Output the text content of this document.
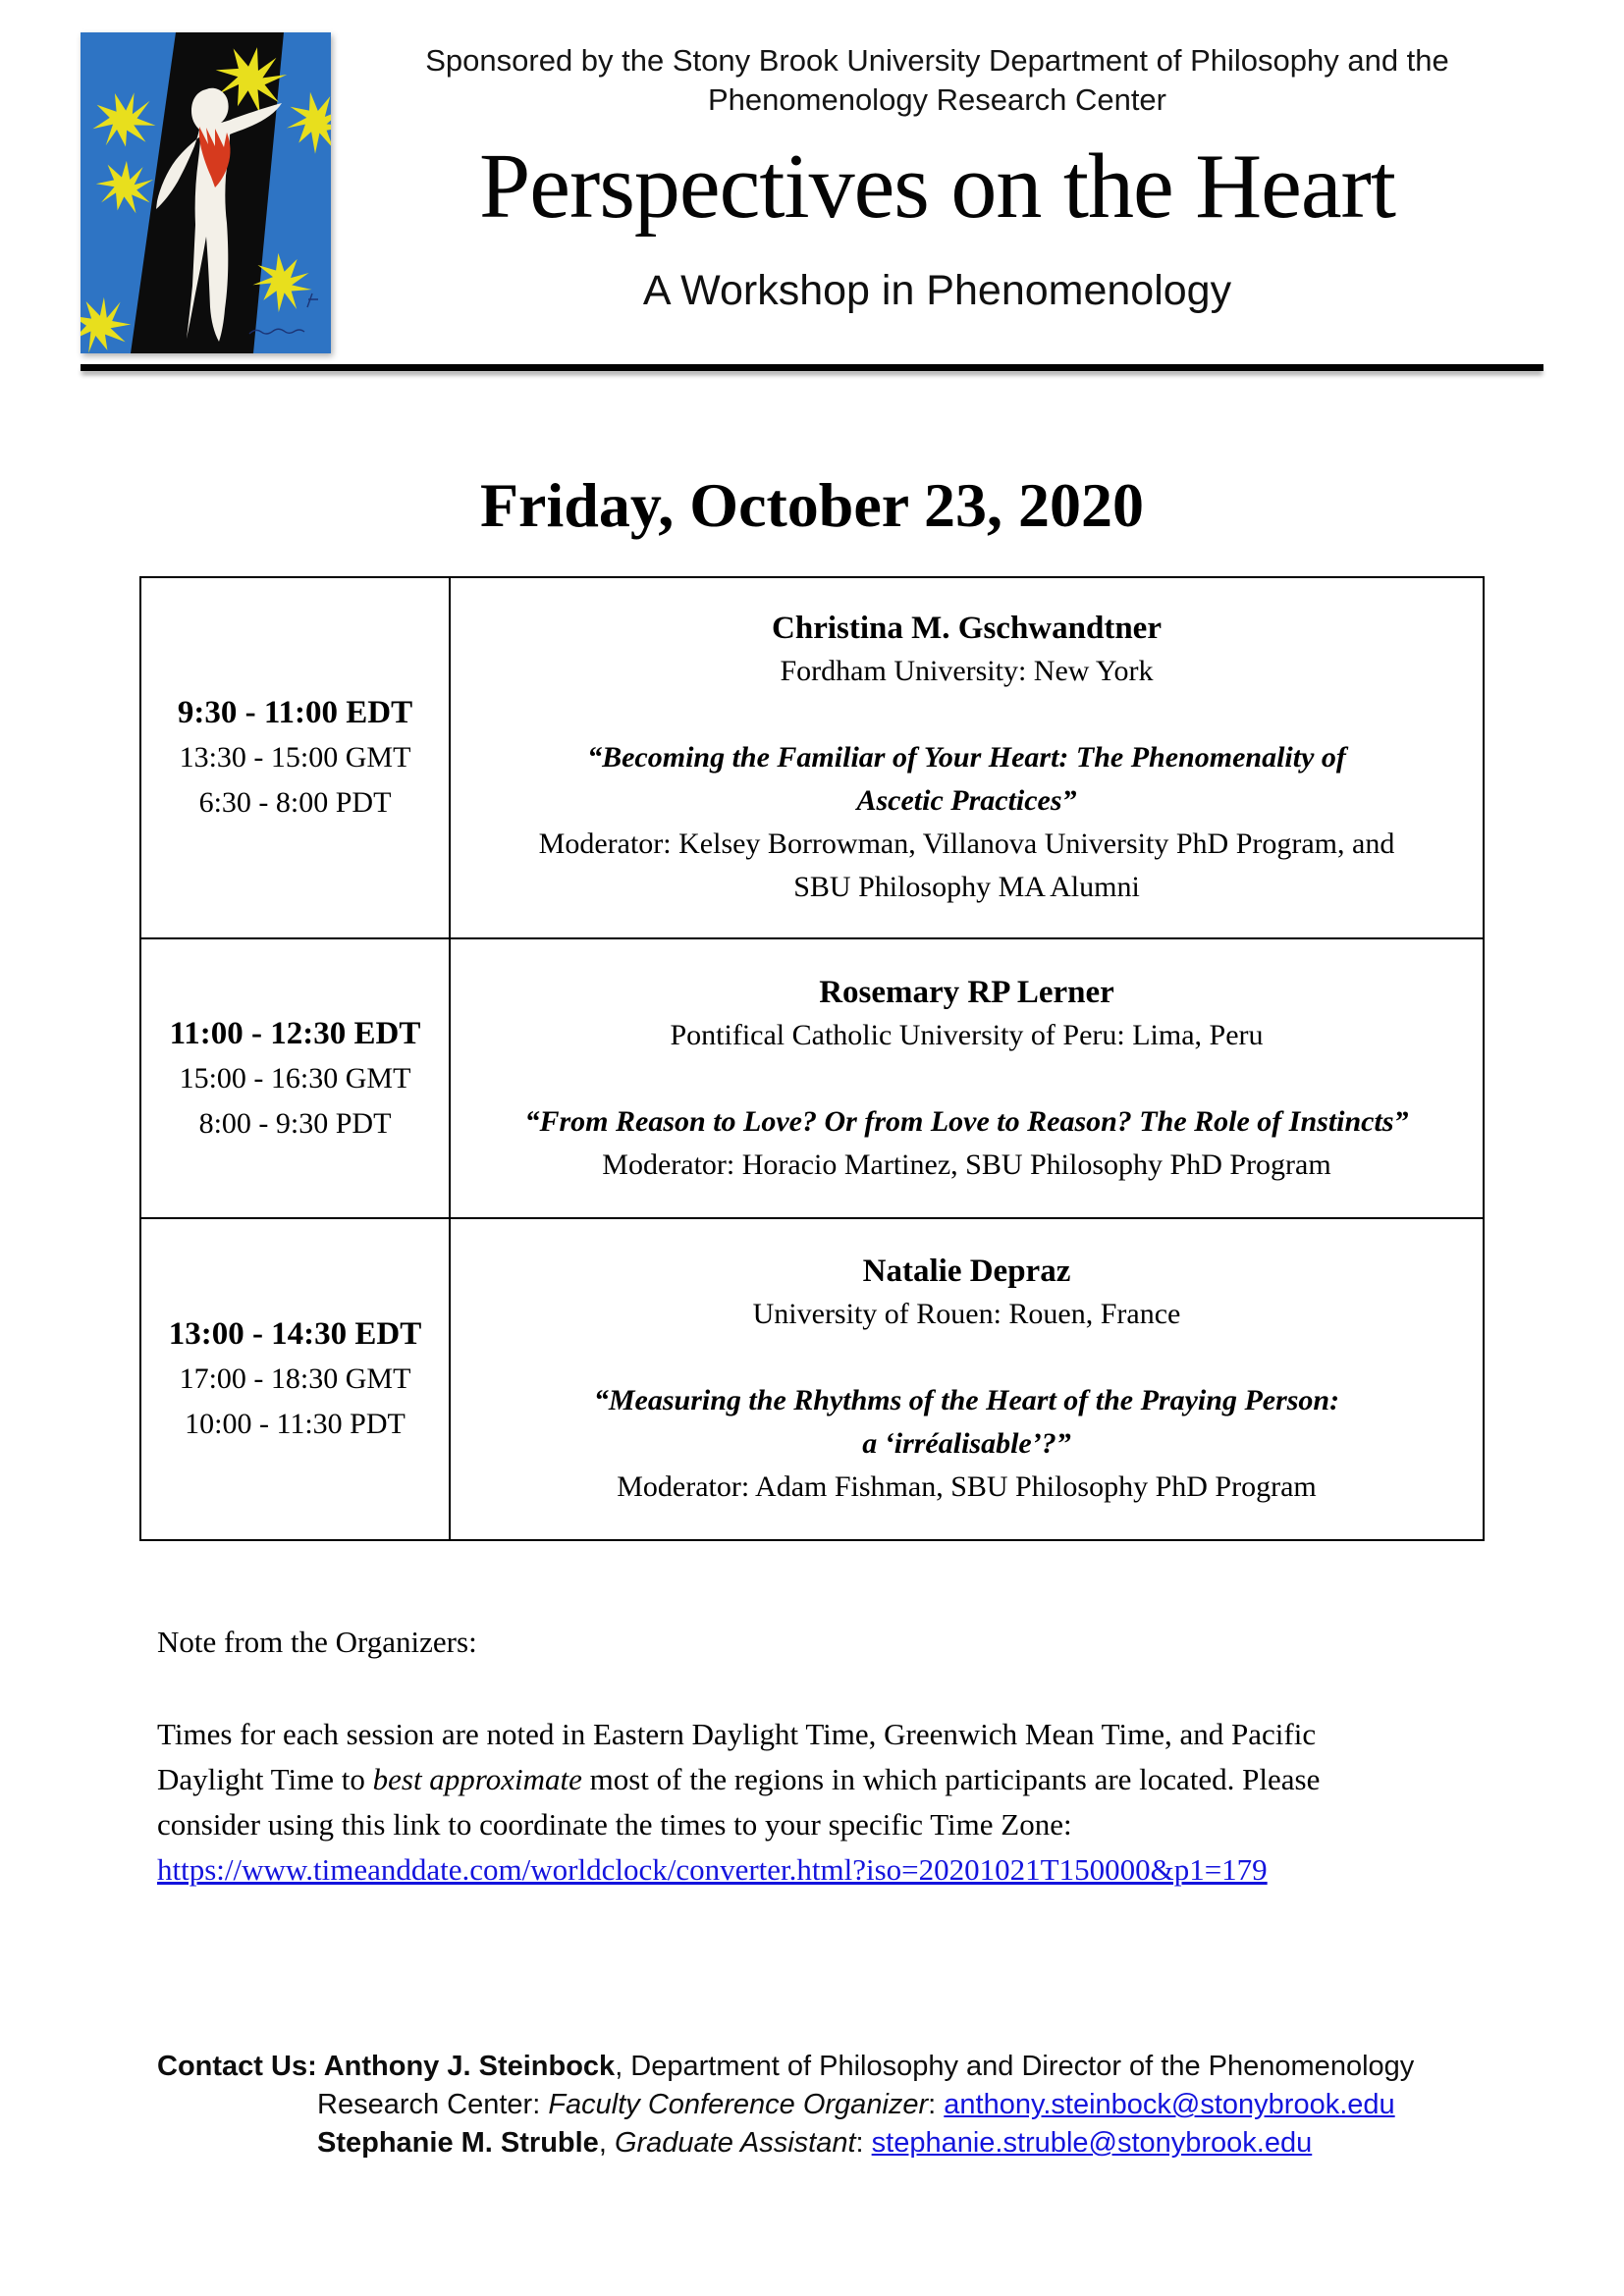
Sponsored by the Stony Brook University Department of Philosophy and the
Phenomenology Research Center
Perspectives on the Heart
A Workshop in Phenomenology
Friday, October 23, 2020
9:30 - 11:00 EDT
13:30 - 15:00 GMT
6:30 - 8:00 PDT

Christina M. Gschwandtner
Fordham University: New York
“Becoming the Familiar of Your Heart: The Phenomenality of
Ascetic Practices”
Moderator: Kelsey Borrowman, Villanova University PhD Program, and
SBU Philosophy MA Alumni

11:00 - 12:30 EDT
15:00 - 16:30 GMT
8:00 - 9:30 PDT

Rosemary RP Lerner
Pontifical Catholic University of Peru: Lima, Peru
“From Reason to Love? Or from Love to Reason? The Role of Instincts”
Moderator: Horacio Martinez, SBU Philosophy PhD Program

13:00 - 14:30 EDT
17:00 - 18:30 GMT
10:00 - 11:30 PDT

Natalie Depraz
University of Rouen: Rouen, France
“Measuring the Rhythms of the Heart of the Praying Person:
a ‘irréalisable’?”
Moderator: Adam Fishman, SBU Philosophy PhD Program
Note from the Organizers:
Times for each session are noted in Eastern Daylight Time, Greenwich Mean Time, and Pacific
Daylight Time to best approximate most of the regions in which participants are located. Please
consider using this link to coordinate the times to your specific Time Zone:
https://www.timeanddate.com/worldclock/converter.html?iso=20201021T150000&p1=179
Contact Us: Anthony J. Steinbock, Department of Philosophy and Director of the Phenomenology
Research Center: Faculty Conference Organizer: anthony.steinbock@stonybrook.edu
Stephanie M. Struble, Graduate Assistant: stephanie.struble@stonybrook.edu
